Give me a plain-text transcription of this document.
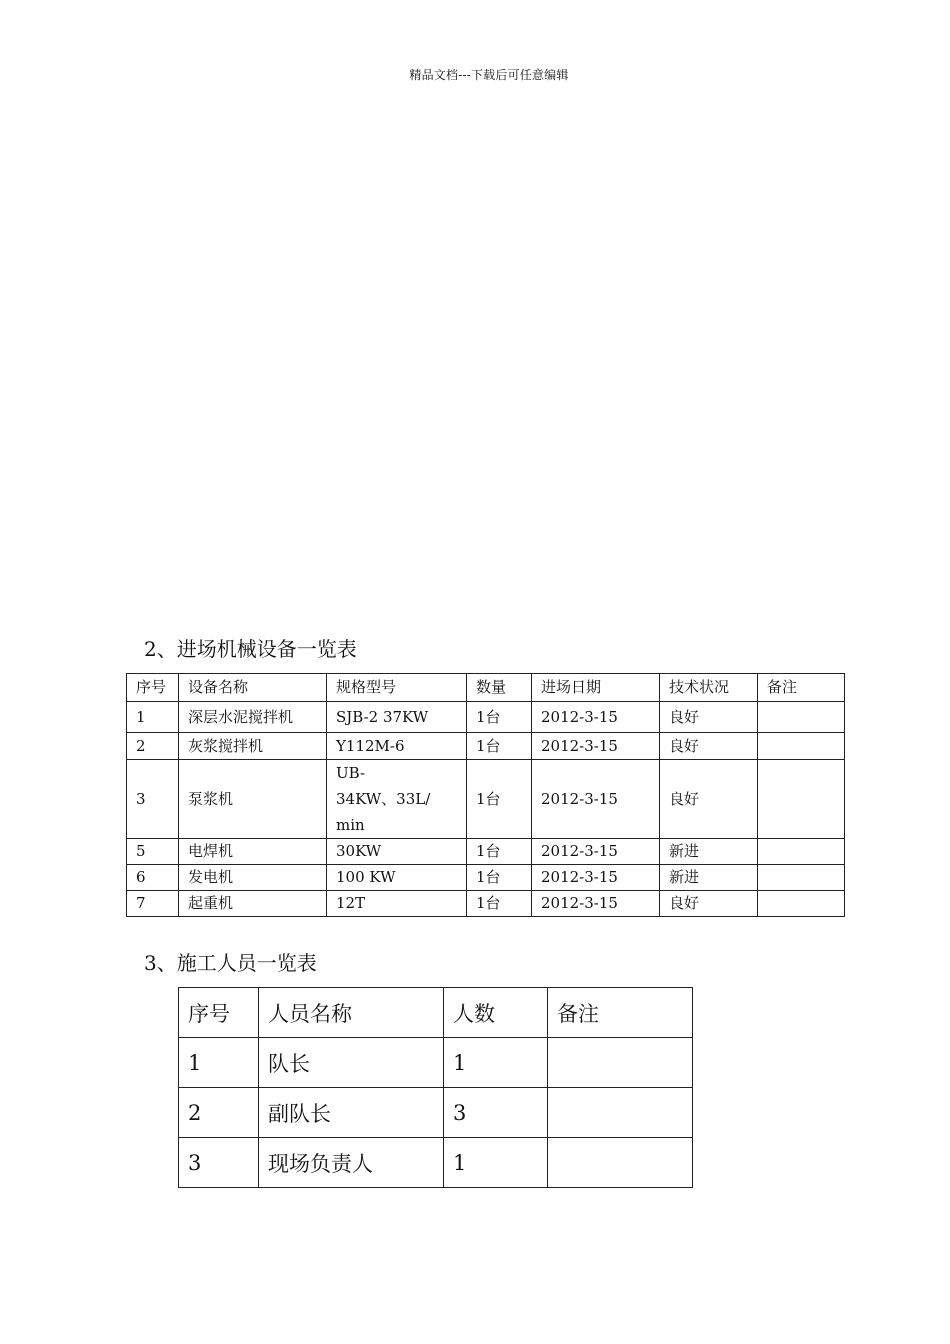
精品文档---下载后可任意编辑
2、进场机械设备一览表
序号	设备名称	规格型号	数量	进场日期	技术状况	备注
1	深层水泥搅拌机	SJB-2 37KW	1台	2012-3-15	良好	
2	灰浆搅拌机	Y112M-6	1台	2012-3-15	良好	
3	泵浆机	UB-
34KW、33L/
min	1台	2012-3-15	良好	
5	电焊机	30KW	1台	2012-3-15	新进	
6	发电机	100 KW	1台	2012-3-15	新进	
7	起重机	12T	1台	2012-3-15	良好	
3、施工人员一览表
序号	人员名称	人数	备注
1	队长	1	
2	副队长	3	
3	现场负责人	1	
